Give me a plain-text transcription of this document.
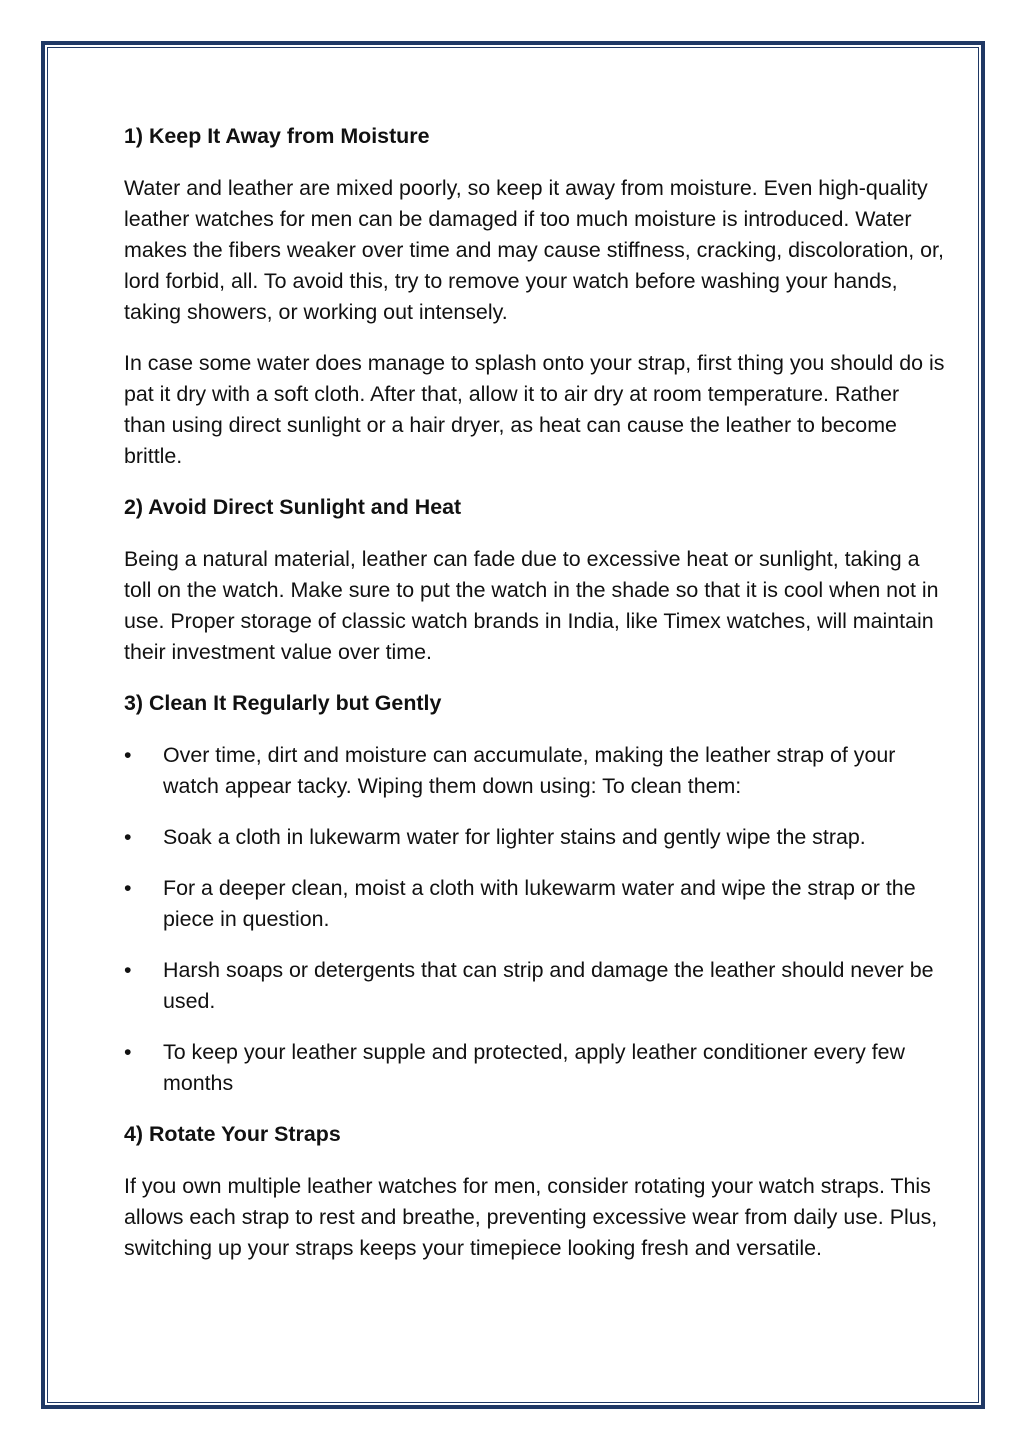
1) Keep It Away from Moisture
Water and leather are mixed poorly, so keep it away from moisture. Even high-quality leather watches for men can be damaged if too much moisture is introduced. Water makes the fibers weaker over time and may cause stiffness, cracking, discoloration, or, lord forbid, all. To avoid this, try to remove your watch before washing your hands, taking showers, or working out intensely.
In case some water does manage to splash onto your strap, first thing you should do is pat it dry with a soft cloth. After that, allow it to air dry at room temperature. Rather than using direct sunlight or a hair dryer, as heat can cause the leather to become brittle.
2) Avoid Direct Sunlight and Heat
Being a natural material, leather can fade due to excessive heat or sunlight, taking a toll on the watch. Make sure to put the watch in the shade so that it is cool when not in use. Proper storage of classic watch brands in India, like Timex watches, will maintain their investment value over time.
3) Clean It Regularly but Gently
•	Over time, dirt and moisture can accumulate, making the leather strap of your watch appear tacky. Wiping them down using: To clean them:
•	Soak a cloth in lukewarm water for lighter stains and gently wipe the strap.
•	For a deeper clean, moist a cloth with lukewarm water and wipe the strap or the piece in question.
•	Harsh soaps or detergents that can strip and damage the leather should never be used.
•	To keep your leather supple and protected, apply leather conditioner every few months
4) Rotate Your Straps
If you own multiple leather watches for men, consider rotating your watch straps. This allows each strap to rest and breathe, preventing excessive wear from daily use. Plus, switching up your straps keeps your timepiece looking fresh and versatile.
